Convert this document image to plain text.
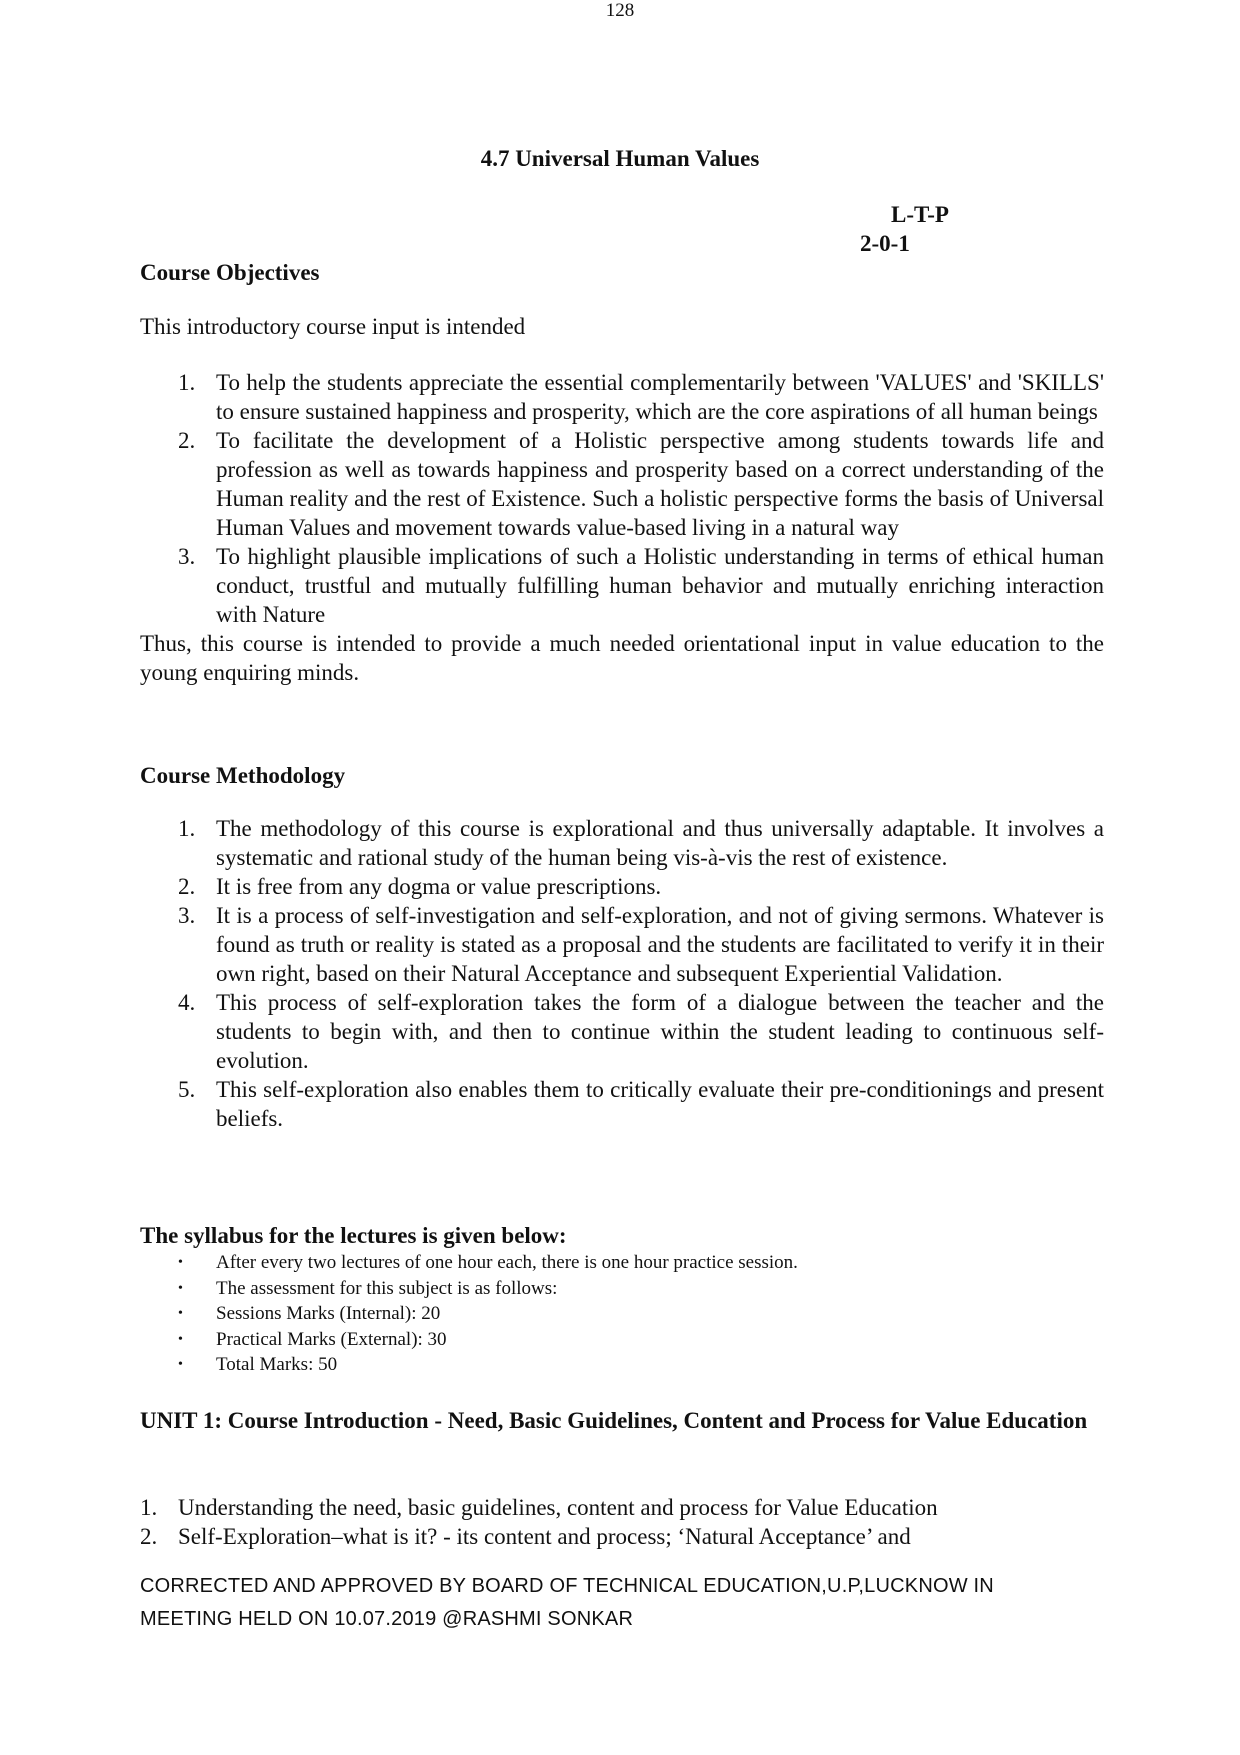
128
4.7 Universal Human Values
L-T-P
2-0-1
Course Objectives
This introductory course input is intended
1. To help the students appreciate the essential complementarily between 'VALUES' and 'SKILLS' to ensure sustained happiness and prosperity, which are the core aspirations of all human beings
2. To facilitate the development of a Holistic perspective among students towards life and profession as well as towards happiness and prosperity based on a correct understanding of the Human reality and the rest of Existence. Such a holistic perspective forms the basis of Universal Human Values and movement towards value-based living in a natural way
3. To highlight plausible implications of such a Holistic understanding in terms of ethical human conduct, trustful and mutually fulfilling human behavior and mutually enriching interaction with Nature

Thus, this course is intended to provide a much needed orientational input in value education to the young enquiring minds.

Course Methodology
1. The methodology of this course is explorational and thus universally adaptable. It involves a systematic and rational study of the human being vis-à-vis the rest of existence.
2. It is free from any dogma or value prescriptions.
3. It is a process of self-investigation and self-exploration, and not of giving sermons. Whatever is found as truth or reality is stated as a proposal and the students are facilitated to verify it in their own right, based on their Natural Acceptance and subsequent Experiential Validation.
4. This process of self-exploration takes the form of a dialogue between the teacher and the students to begin with, and then to continue within the student leading to continuous self-evolution.
5. This self-exploration also enables them to critically evaluate their pre-conditionings and present beliefs.
The syllabus for the lectures is given below:
• After every two lectures of one hour each, there is one hour practice session.
• The assessment for this subject is as follows:
• Sessions Marks (Internal): 20
• Practical Marks (External): 30
• Total Marks: 50
UNIT 1: Course Introduction - Need, Basic Guidelines, Content and Process for Value Education
1. Understanding the need, basic guidelines, content and process for Value Education
2. Self-Exploration–what is it? - its content and process; ‘Natural Acceptance’ and
CORRECTED AND APPROVED BY BOARD OF TECHNICAL EDUCATION,U.P,LUCKNOW IN
MEETING HELD ON 10.07.2019 @RASHMI SONKAR
